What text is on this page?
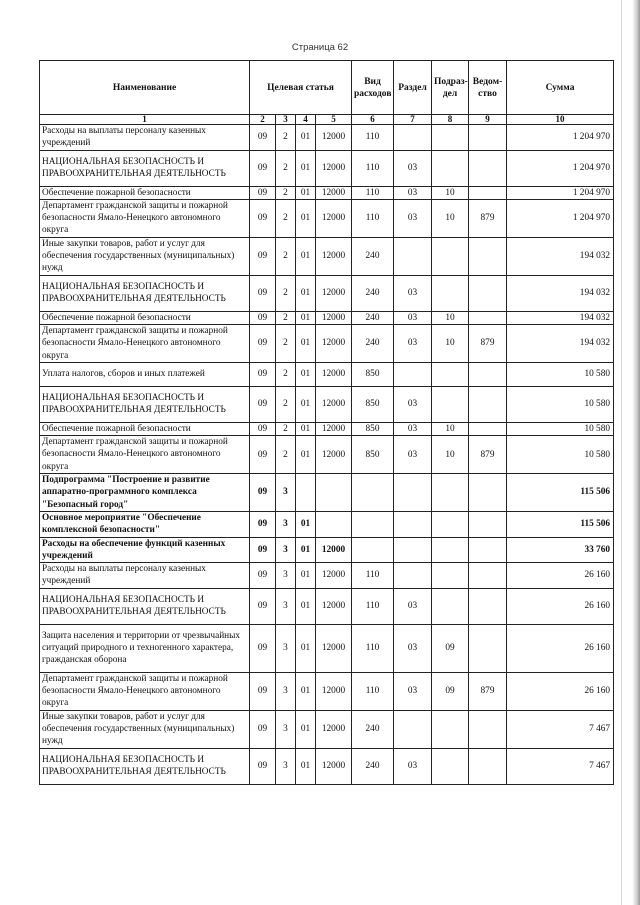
Страница 62
Наименование	Целевая статья				Вид расходов	Раздел	Подраз-дел	Ведом-ство	Сумма
1	2	3	4	5	6	7	8	9	10
Расходы на выплаты персоналу казенных учреждений	09	2	01	12000	110				1 204 970
НАЦИОНАЛЬНАЯ БЕЗОПАСНОСТЬ И ПРАВООХРАНИТЕЛЬНАЯ ДЕЯТЕЛЬНОСТЬ	09	2	01	12000	110	03			1 204 970
Обеспечение пожарной безопасности	09	2	01	12000	110	03	10		1 204 970
Департамент гражданской защиты и пожарной безопасности Ямало-Ненецкого автономного округа	09	2	01	12000	110	03	10	879	1 204 970
Иные закупки товаров, работ и услуг для обеспечения государственных (муниципальных) нужд	09	2	01	12000	240				194 032
НАЦИОНАЛЬНАЯ БЕЗОПАСНОСТЬ И ПРАВООХРАНИТЕЛЬНАЯ ДЕЯТЕЛЬНОСТЬ	09	2	01	12000	240	03			194 032
Обеспечение пожарной безопасности	09	2	01	12000	240	03	10		194 032
Департамент гражданской защиты и пожарной безопасности Ямало-Ненецкого автономного округа	09	2	01	12000	240	03	10	879	194 032
Уплата налогов, сборов и иных платежей	09	2	01	12000	850				10 580
НАЦИОНАЛЬНАЯ БЕЗОПАСНОСТЬ И ПРАВООХРАНИТЕЛЬНАЯ ДЕЯТЕЛЬНОСТЬ	09	2	01	12000	850	03			10 580
Обеспечение пожарной безопасности	09	2	01	12000	850	03	10		10 580
Департамент гражданской защиты и пожарной безопасности Ямало-Ненецкого автономного округа	09	2	01	12000	850	03	10	879	10 580
Подпрограмма "Построение и развитие аппаратно-программного комплекса "Безопасный город"	09	3							115 506
Основное мероприятие "Обеспечение комплексной безопасности"	09	3	01						115 506
Расходы на обеспечение функций казенных учреждений	09	3	01	12000					33 760
Расходы на выплаты персоналу казенных учреждений	09	3	01	12000	110				26 160
НАЦИОНАЛЬНАЯ БЕЗОПАСНОСТЬ И ПРАВООХРАНИТЕЛЬНАЯ ДЕЯТЕЛЬНОСТЬ	09	3	01	12000	110	03			26 160
Защита населения и территории от чрезвычайных ситуаций природного и техногенного характера, гражданская оборона	09	3	01	12000	110	03	09		26 160
Департамент гражданской защиты и пожарной безопасности Ямало-Ненецкого автономного округа	09	3	01	12000	110	03	09	879	26 160
Иные закупки товаров, работ и услуг для обеспечения государственных (муниципальных) нужд	09	3	01	12000	240				7 467
НАЦИОНАЛЬНАЯ БЕЗОПАСНОСТЬ И ПРАВООХРАНИТЕЛЬНАЯ ДЕЯТЕЛЬНОСТЬ	09	3	01	12000	240	03			7 467
